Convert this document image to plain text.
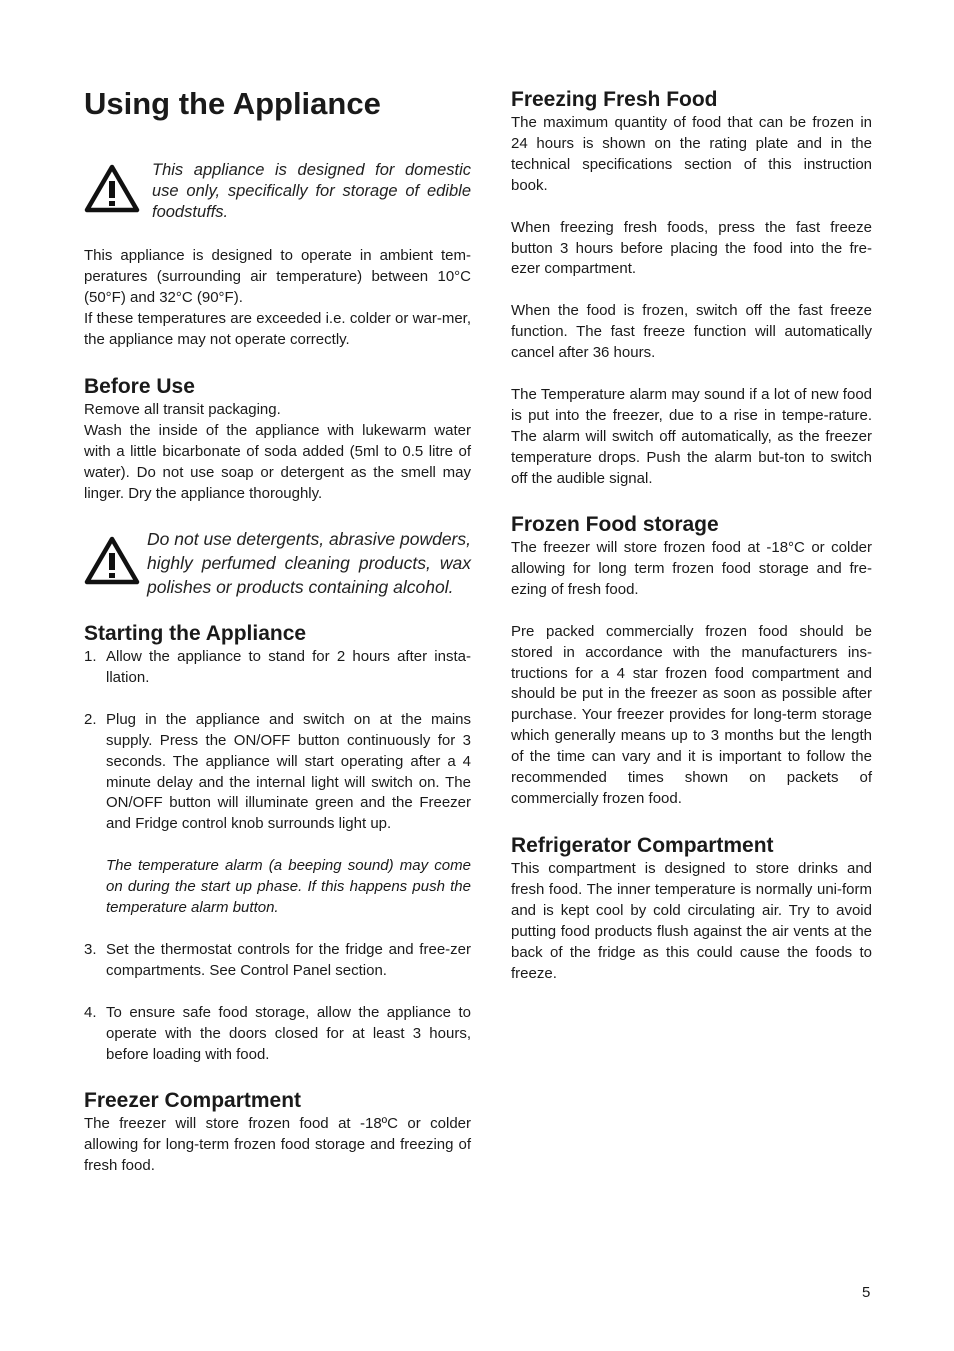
Using the Appliance
This appliance is designed for domestic use only, specifically for storage of edible foodstuffs.

This appliance is designed to operate in ambient tem-peratures (surrounding air temperature) between 10°C (50°F) and 32°C (90°F).

If these temperatures are exceeded i.e. colder or war-mer, the appliance may not operate correctly.

Before Use

Remove all transit packaging.

Wash the inside of the appliance with lukewarm water with a little bicarbonate of soda added (5ml to 0.5 litre of water). Do not use soap or detergent as the smell may linger. Dry the appliance thoroughly.

Do not use detergents, abrasive powders, highly perfumed cleaning products, wax polishes or products containing alcohol.
Starting the Appliance
1. Allow the appliance to stand for 2 hours after insta-llation.
2. Plug in the appliance and switch on at the mains supply. Press the ON/OFF button continuously for 3 seconds. The appliance will start operating after a 4 minute delay and the internal light will switch on. The ON/OFF button will illuminate green and the Freezer and Fridge control knob surrounds light up.
The temperature alarm (a beeping sound) may come on during the start up phase. If this happens push the temperature alarm button.
3. Set the thermostat controls for the fridge and free-zer compartments. See Control Panel section.
4. To ensure safe food storage, allow the appliance to operate with the doors closed for at least 3 hours, before loading with food.
Freezer Compartment

The freezer will store frozen food at -18ºC or colder allowing for long-term frozen food storage and freezing of fresh food.

Freezing Fresh Food

The maximum quantity of food that can be frozen in 24 hours is shown on the rating plate and in the technical specifications section of this instruction book.

When freezing fresh foods, press the fast freeze button 3 hours before placing the food into the fre-ezer compartment.

When the food is frozen, switch off the fast freeze function. The fast freeze function will automatically cancel after 36 hours.

The Temperature alarm may sound if a lot of new food is put into the freezer, due to a rise in tempe-rature. The alarm will switch off automatically, as the freezer temperature drops. Push the alarm but-ton to switch off the audible signal.

Frozen Food storage

The freezer will store frozen food at -18°C or colder allowing for long term frozen food storage and fre-ezing of fresh food.

Pre packed commercially frozen food should be stored in accordance with the manufacturers ins-tructions for a 4 star frozen food compartment and should be put in the freezer as soon as possible after purchase. Your freezer provides for long-term storage which generally means up to 3 months but the length of the time can vary and it is important to follow the recommended times shown on packets of commercially frozen food.

Refrigerator Compartment

This compartment is designed to store drinks and fresh food. The inner temperature is normally uni-form and is kept cool by cold circulating air. Try to avoid putting food products flush against the air vents at the back of the fridge as this could cause the foods to freeze.

5
